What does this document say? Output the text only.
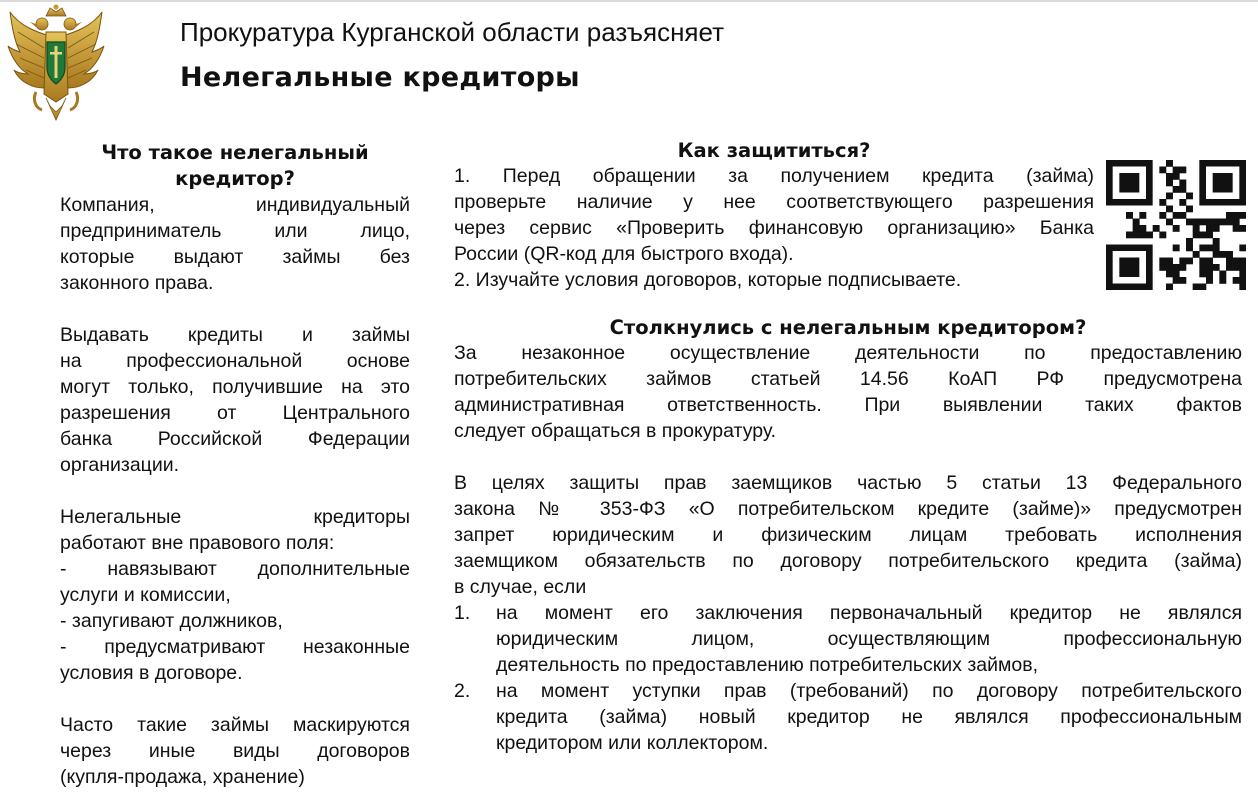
Прокуратура Курганской области разъясняет
Нелегальные кредиторы
Что такое нелегальный
кредитор?

Компания, индивидуальный

предприниматель или лицо,

которые выдают займы без

законного права.

Выдавать кредиты и займы

на профессиональной основе

могут только, получившие на это

разрешения от Центрального

банка Российской Федерации

организации.

Нелегальные кредиторы

работают вне правового поля:

- навязывают дополнительные

услуги и комиссии,

- запугивают должников,

- предусматривают незаконные

условия в договоре.

Часто такие займы маскируются

через иные виды договоров

(купля-продажа, хранение)

Как защититься?

1. Перед обращении за получением кредита (займа)

проверьте наличие у нее соответствующего разрешения

через сервис «Проверить финансовую организацию» Банка

России (QR-код для быстрого входа).

2. Изучайте условия договоров, которые подписываете.

Столкнулись с нелегальным кредитором?

За незаконное осуществление деятельности по предоставлению

потребительских займов статьей 14.56 КоАП РФ предусмотрена

административная ответственность. При выявлении таких фактов

следует обращаться в прокуратуру.

В целях защиты прав заемщиков частью 5 статьи 13 Федерального

закона № 353-ФЗ «О потребительском кредите (займе)» предусмотрен

запрет юридическим и физическим лицам требовать исполнения

заемщиком обязательств по договору потребительского кредита (займа)

в случае, если

1.	на момент его заключения первоначальный кредитор не являлся

юридическим лицом, осуществляющим профессиональную

деятельность по предоставлению потребительских займов,

2.	на момент уступки прав (требований) по договору потребительского

кредита (займа) новый кредитор не являлся профессиональным

кредитором или коллектором.
